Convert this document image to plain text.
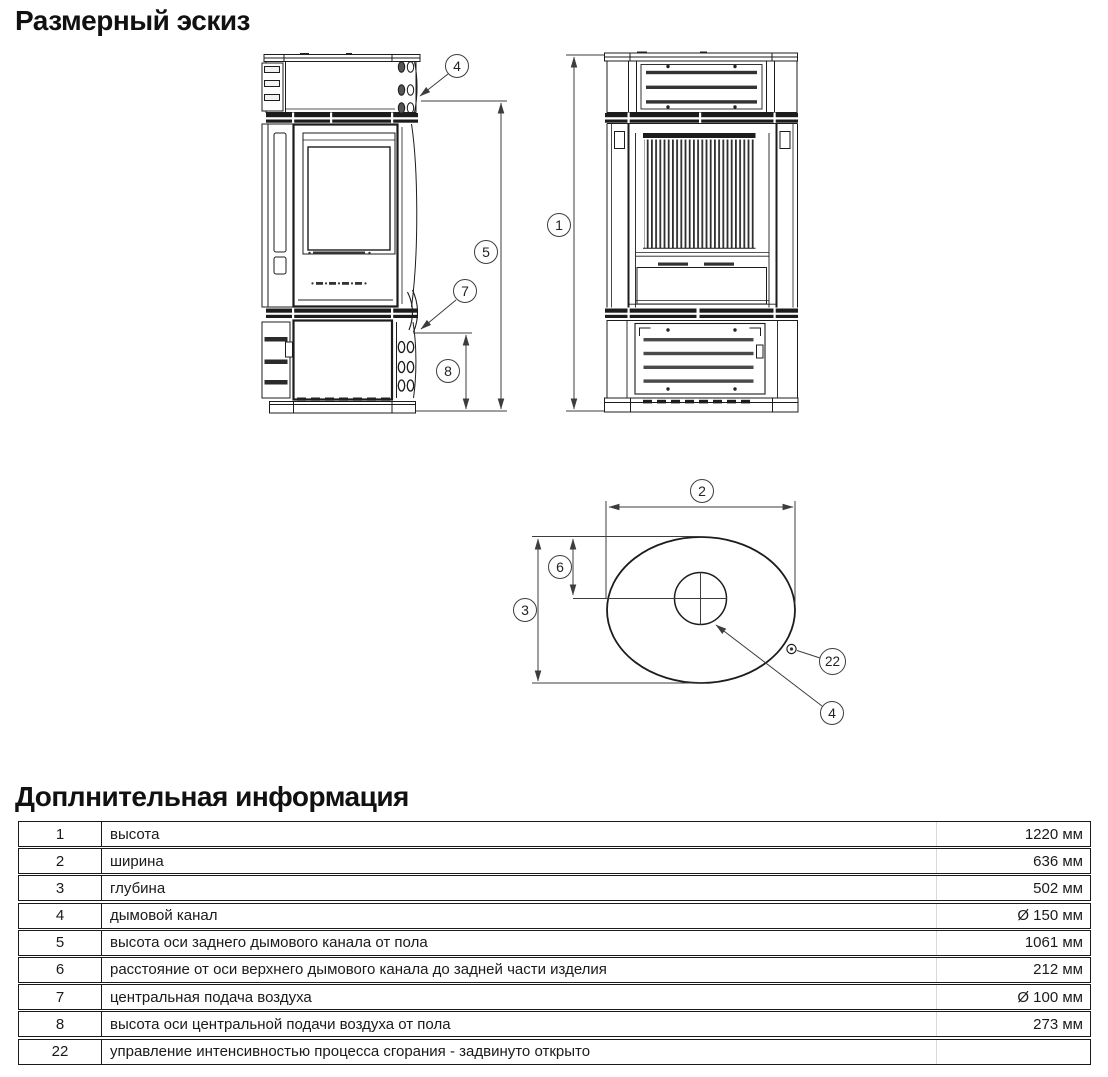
Размерный эскиз
4
5
7
8
1
2
6
3
22
4
Доплнительная информация
1	высота	1220 мм
2	ширина	636 мм
3	глубина	502 мм
4	дымовой канал	Ø 150 мм
5	высота оси заднего дымового канала от пола	1061 мм
6	расстояние от оси верхнего дымового канала до задней части изделия	212 мм
7	центральная подача воздуха	Ø 100 мм
8	высота оси центральной подачи воздуха от пола	273 мм
22	управление интенсивностью процесса сгорания - задвинуто открыто
